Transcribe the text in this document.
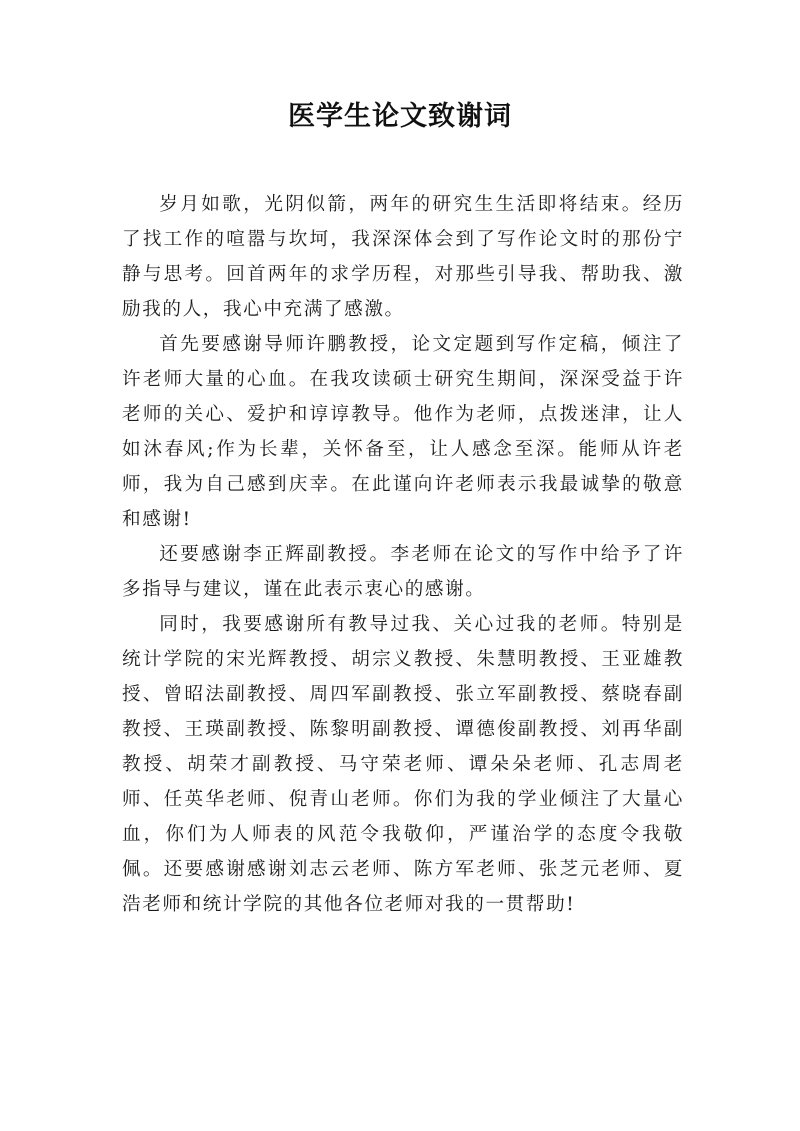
医学生论文致谢词

岁月如歌，光阴似箭，两年的研究生生活即将结束。经历了找工作的喧嚣与坎坷，我深深体会到了写作论文时的那份宁静与思考。回首两年的求学历程，对那些引导我、帮助我、激励我的人，我心中充满了感激。

首先要感谢导师许鹏教授，论文定题到写作定稿，倾注了许老师大量的心血。在我攻读硕士研究生期间，深深受益于许老师的关心、爱护和谆谆教导。他作为老师，点拨迷津，让人如沐春风;作为长辈，关怀备至，让人感念至深。能师从许老师，我为自己感到庆幸。在此谨向许老师表示我最诚挚的敬意和感谢!

还要感谢李正辉副教授。李老师在论文的写作中给予了许多指导与建议，谨在此表示衷心的感谢。

同时，我要感谢所有教导过我、关心过我的老师。特别是统计学院的宋光辉教授、胡宗义教授、朱慧明教授、王亚雄教授、曾昭法副教授、周四军副教授、张立军副教授、蔡晓春副教授、王瑛副教授、陈黎明副教授、谭德俊副教授、刘再华副教授、胡荣才副教授、马守荣老师、谭朵朵老师、孔志周老师、任英华老师、倪青山老师。你们为我的学业倾注了大量心血，你们为人师表的风范令我敬仰，严谨治学的态度令我敬佩。还要感谢感谢刘志云老师、陈方军老师、张芝元老师、夏浩老师和统计学院的其他各位老师对我的一贯帮助!
